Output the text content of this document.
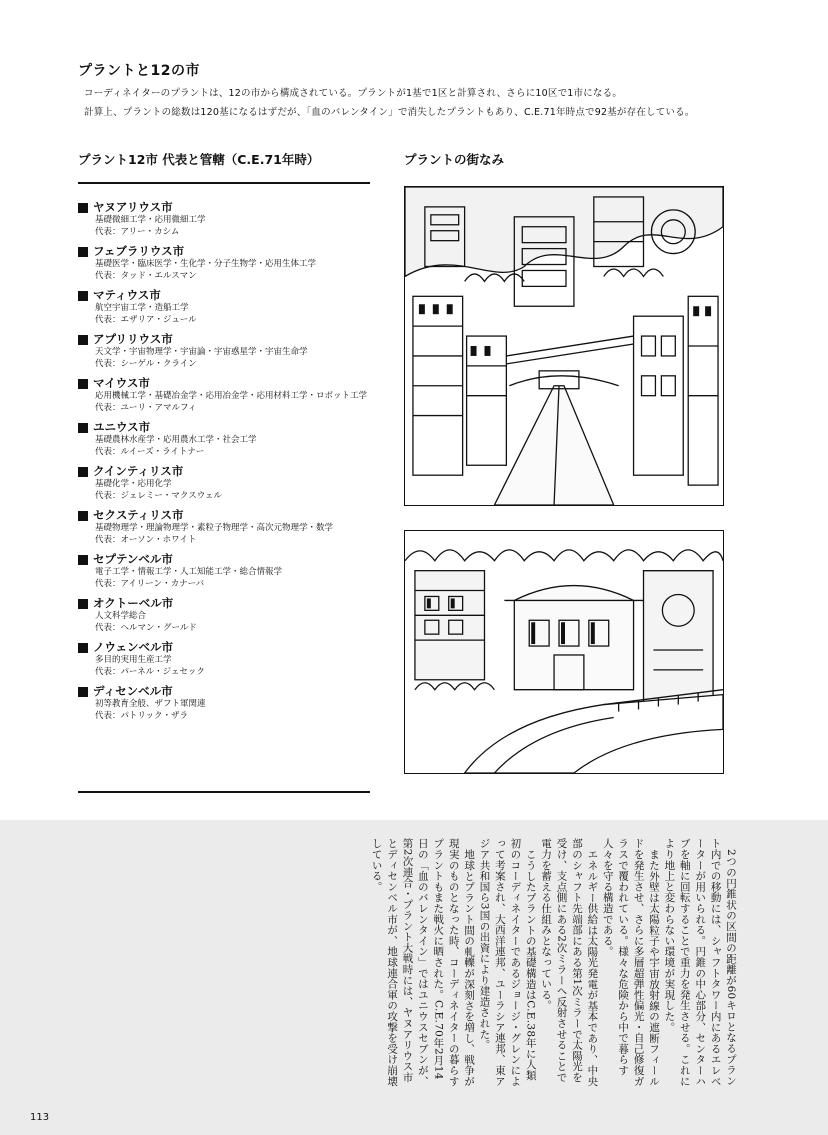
プラントと12の市
コーディネイターのプラントは、12の市から構成されている。プラントが1基で1区と計算され、さらに10区で1市になる。
計算上、プラントの総数は120基になるはずだが、「血のバレンタイン」で消失したプラントもあり、C.E.71年時点で92基が存在している。
プラント12市 代表と管轄（C.E.71年時）
ヤヌアリウス市
基礎微細工学・応用微細工学
代表：アリー・カシム
フェブラリウス市
基礎医学・臨床医学・生化学・分子生物学・応用生体工学
代表：タッド・エルスマン
マティウス市
航空宇宙工学・造船工学
代表：エザリア・ジュール
アプリリウス市
天文学・宇宙物理学・宇宙論・宇宙惑星学・宇宙生命学
代表：シーゲル・クライン
マイウス市
応用機械工学・基礎冶金学・応用冶金学・応用材料工学・ロボット工学
代表：ユーリ・アマルフィ
ユニウス市
基礎農林水産学・応用農水工学・社会工学
代表：ルイーズ・ライトナー
クインティリス市
基礎化学・応用化学
代表：ジェレミー・マクスウェル
セクスティリス市
基礎物理学・理論物理学・素粒子物理学・高次元物理学・数学
代表：オーソン・ホワイト
セプテンベル市
電子工学・情報工学・人工知能工学・総合情報学
代表：アイリーン・カナーバ
オクトーベル市
人文科学総合
代表：ヘルマン・グールド
ノウェンベル市
多目的実用生産工学
代表：パーネル・ジェセック
ディセンベル市
初等教育全般、ザフト軍関連
代表：パトリック・ザラ
プラントの街なみ

2つの円錐状の区間の距離が60キロとなるプラント内での移動には、シャフトタワー内にあるエレベーターが用いられる。円錐の中心部分、センターハブを軸に回転することで重力を発生させる。これにより地上と変わらない環境が実現した。

また外壁は太陽粒子や宇宙放射線の遮断フィールドを発生させ、さらに多層超弾性偏光・自己修復ガラスで覆われている。様々な危険から中で暮らす人々を守る構造である。

エネルギー供給は太陽光発電が基本であり、中央部のシャフト先端部にある第1次ミラーで太陽光を受け、支点側にある2次ミラーへ反射させることで電力を蓄える仕組みとなっている。

こうしたプラントの基礎構造はC.E.38年に人類初のコーディネイターであるジョージ・グレンによって考案され、大西洋連邦、ユーラシア連邦、東アジア共和国ら3国の出資により建造された。

地球とプラント間の軋轢が深刻さを増し、戦争が現実のものとなった時、コーディネイターの暮らすプラントもまた戦火に晒された。C.E.70年2月14日の「血のバレンタイン」ではユニウスセブンが、第2次連合・プラント大戦時には、ヤヌアリウス市とディセンベル市が、地球連合軍の攻撃を受け崩壊している。

113
